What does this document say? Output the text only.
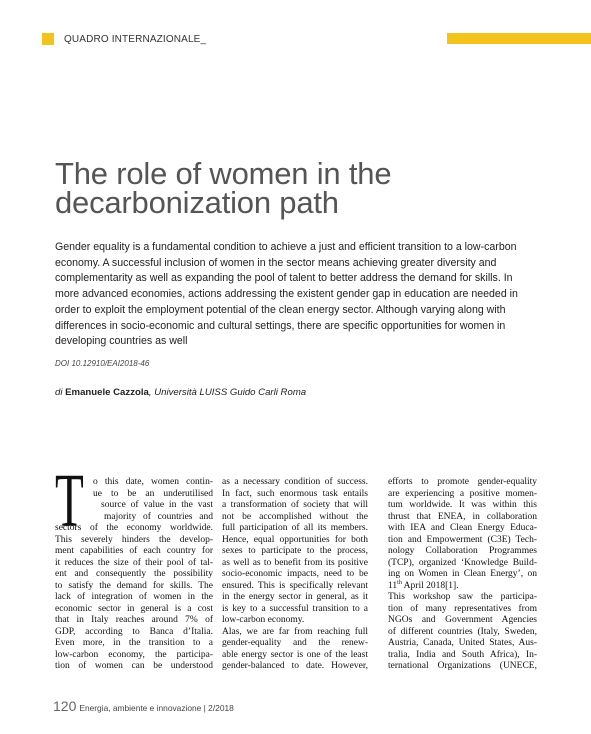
QUADRO INTERNAZIONALE_
The role of women in the
decarbonization path
Gender equality is a fundamental condition to achieve a just and efficient transition to a low-carbon
economy. A successful inclusion of women in the sector means achieving greater diversity and
complementarity as well as expanding the pool of talent to better address the demand for skills. In
more advanced economies, actions addressing the existent gender gap in education are needed in
order to exploit the employment potential of the clean energy sector. Although varying along with
differences in socio-economic and cultural settings, there are specific opportunities for women in
developing countries as well
DOI 10.12910/EAI2018-46
di Emanuele Cazzola, Università LUISS Guido Carli Roma
T o this date, women contin-
ue to be an underutilised
source of value in the vast
majority of countries and
sectors of the economy worldwide.
This severely hinders the develop-
ment capabilities of each country for
it reduces the size of their pool of tal-
ent and consequently the possibility
to satisfy the demand for skills. The
lack of integration of women in the
economic sector in general is a cost
that in Italy reaches around 7% of
GDP, according to Banca d’Italia.
Even more, in the transition to a
low-carbon economy, the participa-
tion of women can be understood
as a necessary condition of success.
In fact, such enormous task entails
a transformation of society that will
not be accomplished without the
full participation of all its members.
Hence, equal opportunities for both
sexes to participate to the process,
as well as to benefit from its positive
socio-economic impacts, need to be
ensured. This is specifically relevant
in the energy sector in general, as it
is key to a successful transition to a
low-carbon economy.
Alas, we are far from reaching full
gender-equality and the renew-
able energy sector is one of the least
gender-balanced to date. However,
efforts to promote gender-equality
are experiencing a positive momen-
tum worldwide. It was within this
thrust that ENEA, in collaboration
with IEA and Clean Energy Educa-
tion and Empowerment (C3E) Tech-
nology Collaboration Programmes
(TCP), organized ‘Knowledge Build-
ing on Women in Clean Energy’, on
11th April 2018[1].
This workshop saw the participa-
tion of many representatives from
NGOs and Government Agencies
of different countries (Italy, Sweden,
Austria, Canada, United States, Aus-
tralia, India and South Africa), In-
ternational Organizations (UNECE,
120 Energia, ambiente e innovazione | 2/2018
